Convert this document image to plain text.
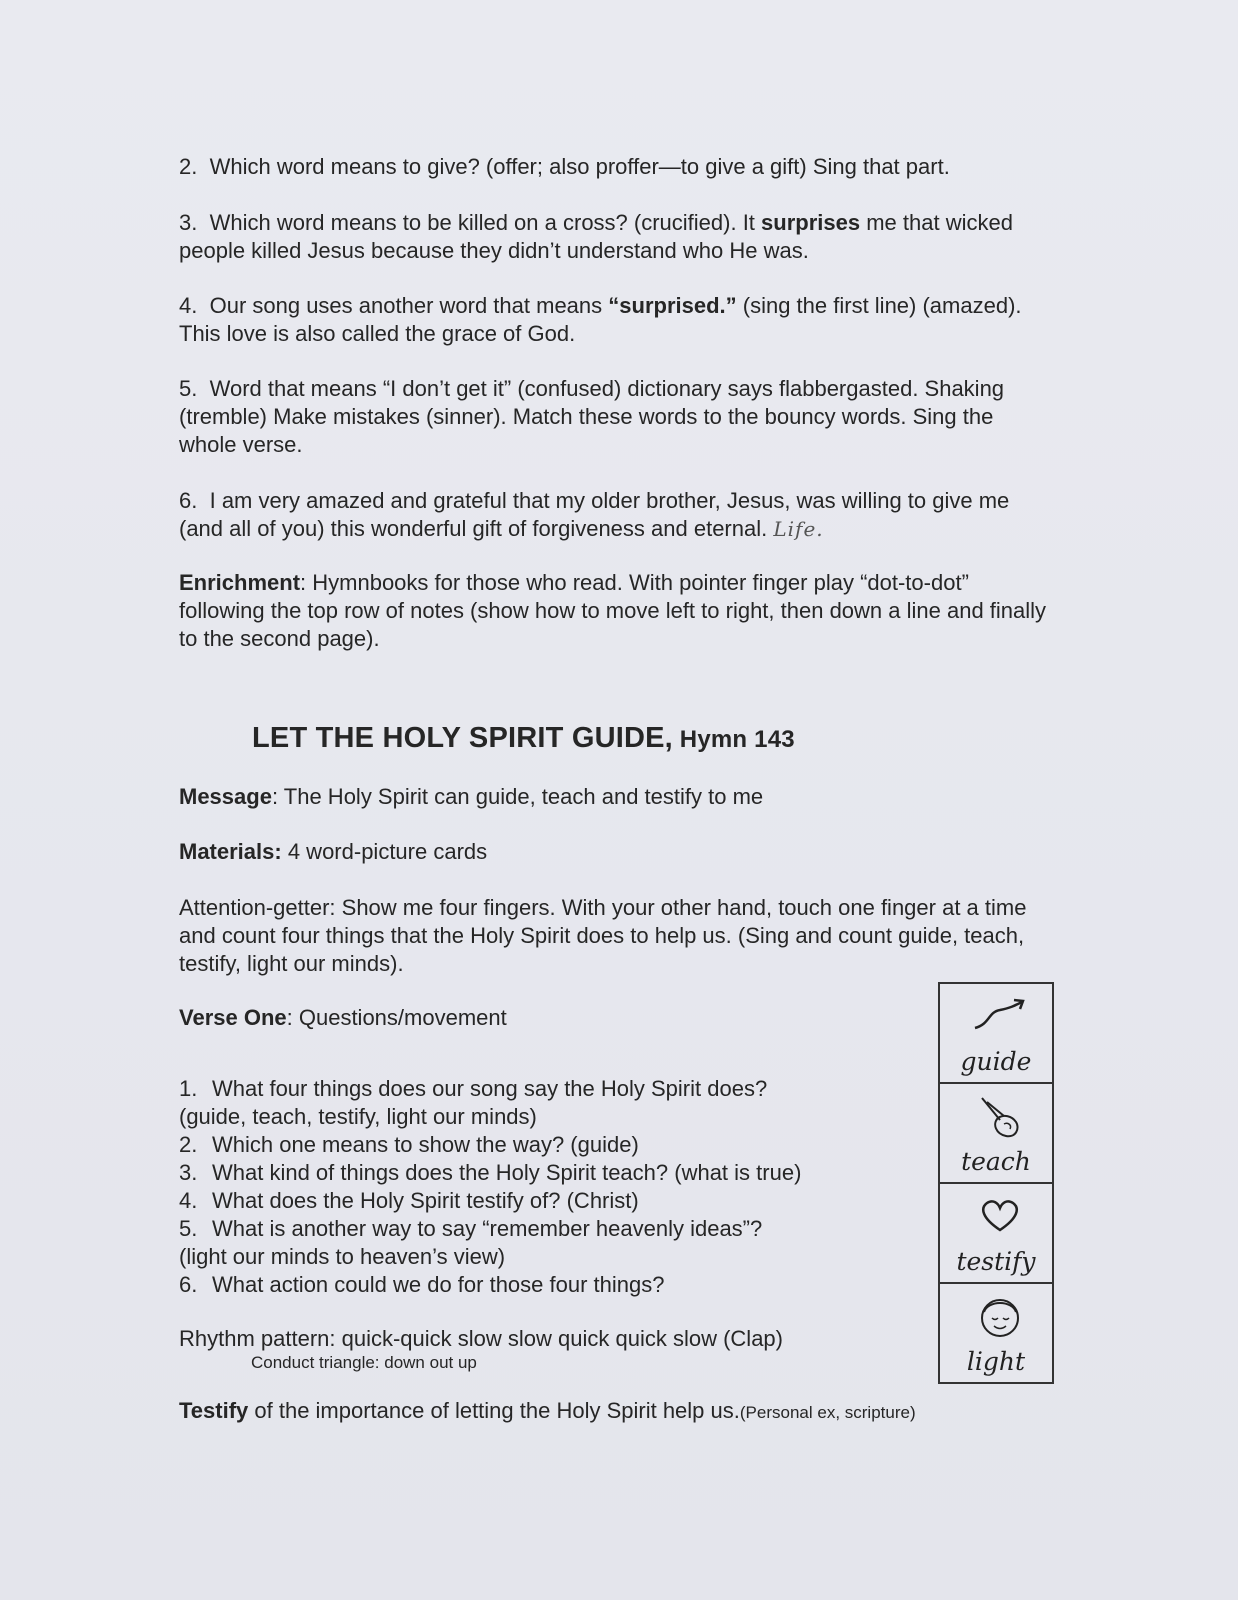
2. Which word means to give? (offer; also proffer—to give a gift) Sing that part.

3. Which word means to be killed on a cross? (crucified). It surprises me that wicked people killed Jesus because they didn’t understand who He was.

4. Our song uses another word that means “surprised.” (sing the first line) (amazed). This love is also called the grace of God.

5. Word that means “I don’t get it” (confused) dictionary says flabbergasted. Shaking (tremble) Make mistakes (sinner). Match these words to the bouncy words. Sing the whole verse.

6. I am very amazed and grateful that my older brother, Jesus, was willing to give me (and all of you) this wonderful gift of forgiveness and eternal. Life.

Enrichment: Hymnbooks for those who read. With pointer finger play “dot-to-dot” following the top row of notes (show how to move left to right, then down a line and finally to the second page).

LET THE HOLY SPIRIT GUIDE, Hymn 143

Message: The Holy Spirit can guide, teach and testify to me

Materials: 4 word-picture cards

Attention-getter: Show me four fingers. With your other hand, touch one finger at a time and count four things that the Holy Spirit does to help us. (Sing and count guide, teach, testify, light our minds).

Verse One: Questions/movement

1. What four things does our song say the Holy Spirit does?
(guide, teach, testify, light our minds)
2. Which one means to show the way? (guide)
3. What kind of things does the Holy Spirit teach? (what is true)
4. What does the Holy Spirit testify of? (Christ)
5. What is another way to say “remember heavenly ideas”?
(light our minds to heaven’s view)
6. What action could we do for those four things?

Rhythm pattern: quick-quick slow slow quick quick slow (Clap)

Conduct triangle: down out up

Testify of the importance of letting the Holy Spirit help us.(Personal ex, scripture)

guide
teach
testify
light
